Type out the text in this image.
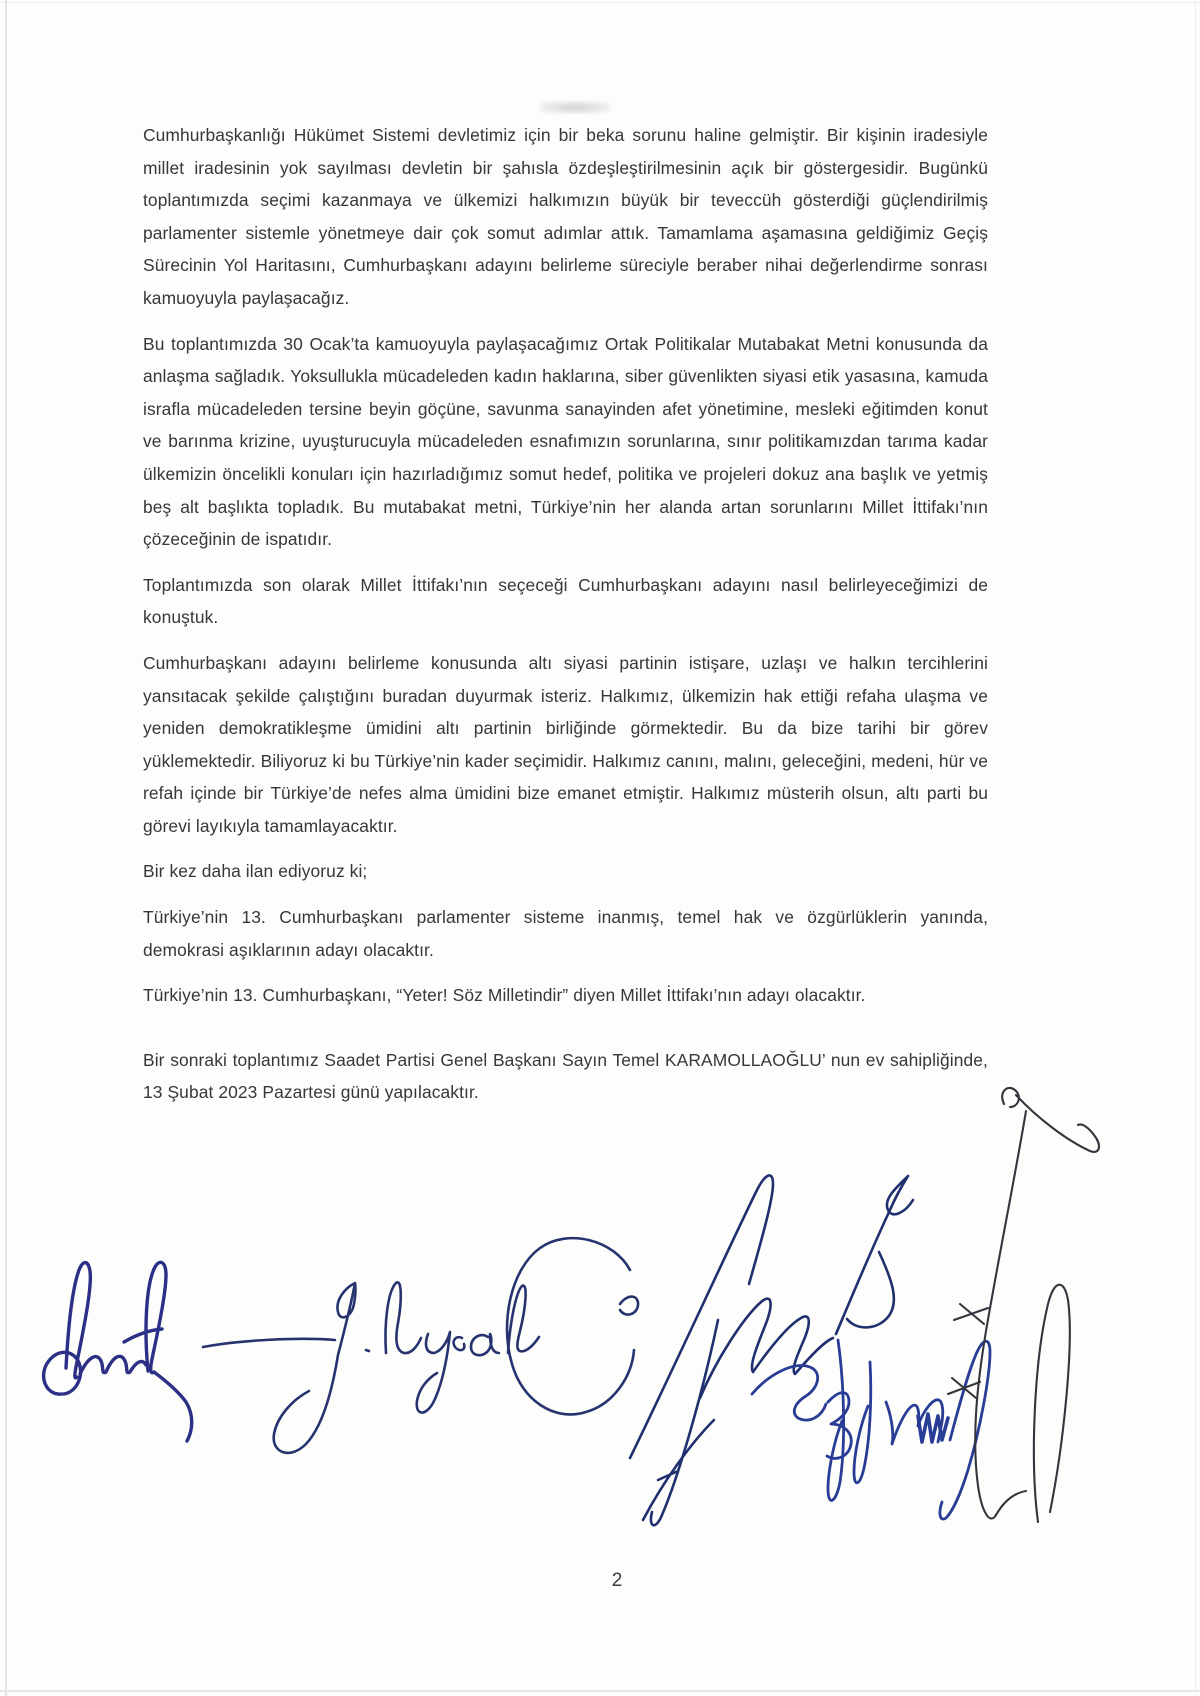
Cumhurbaşkanlığı Hükümet Sistemi devletimiz için bir beka sorunu haline gelmiştir. Bir kişinin iradesiyle millet iradesinin yok sayılması devletin bir şahısla özdeşleştirilmesinin açık bir göstergesidir. Bugünkü toplantımızda seçimi kazanmaya ve ülkemizi halkımızın büyük bir teveccüh gösterdiği güçlendirilmiş parlamenter sistemle yönetmeye dair çok somut adımlar attık. Tamamlama aşamasına geldiğimiz Geçiş Sürecinin Yol Haritasını, Cumhurbaşkanı adayını belirleme süreciyle beraber nihai değerlendirme sonrası kamuoyuyla paylaşacağız.

Bu toplantımızda 30 Ocak’ta kamuoyuyla paylaşacağımız Ortak Politikalar Mutabakat Metni konusunda da anlaşma sağladık. Yoksullukla mücadeleden kadın haklarına, siber güvenlikten siyasi etik yasasına, kamuda israfla mücadeleden tersine beyin göçüne, savunma sanayinden afet yönetimine, mesleki eğitimden konut ve barınma krizine, uyuşturucuyla mücadeleden esnafımızın sorunlarına, sınır politikamızdan tarıma kadar ülkemizin öncelikli konuları için hazırladığımız somut hedef, politika ve projeleri dokuz ana başlık ve yetmiş beş alt başlıkta topladık. Bu mutabakat metni, Türkiye’nin her alanda artan sorunlarını Millet İttifakı’nın çözeceğinin de ispatıdır.

Toplantımızda son olarak Millet İttifakı’nın seçeceği Cumhurbaşkanı adayını nasıl belirleyeceğimizi de konuştuk.

Cumhurbaşkanı adayını belirleme konusunda altı siyasi partinin istişare, uzlaşı ve halkın tercihlerini yansıtacak şekilde çalıştığını buradan duyurmak isteriz. Halkımız, ülkemizin hak ettiği refaha ulaşma ve yeniden demokratikleşme ümidini altı partinin birliğinde görmektedir. Bu da bize tarihi bir görev yüklemektedir. Biliyoruz ki bu Türkiye’nin kader seçimidir. Halkımız canını, malını, geleceğini, medeni, hür ve refah içinde bir Türkiye’de nefes alma ümidini bize emanet etmiştir. Halkımız müsterih olsun, altı parti bu görevi layıkıyla tamamlayacaktır.

Bir kez daha ilan ediyoruz ki;

Türkiye’nin 13. Cumhurbaşkanı parlamenter sisteme inanmış, temel hak ve özgürlüklerin yanında, demokrasi aşıklarının adayı olacaktır.

Türkiye’nin 13. Cumhurbaşkanı, “Yeter! Söz Milletindir” diyen Millet İttifakı’nın adayı olacaktır.

Bir sonraki toplantımız Saadet Partisi Genel Başkanı Sayın Temel KARAMOLLAOĞLU’ nun ev sahipliğinde, 13 Şubat 2023 Pazartesi günü yapılacaktır.

2
